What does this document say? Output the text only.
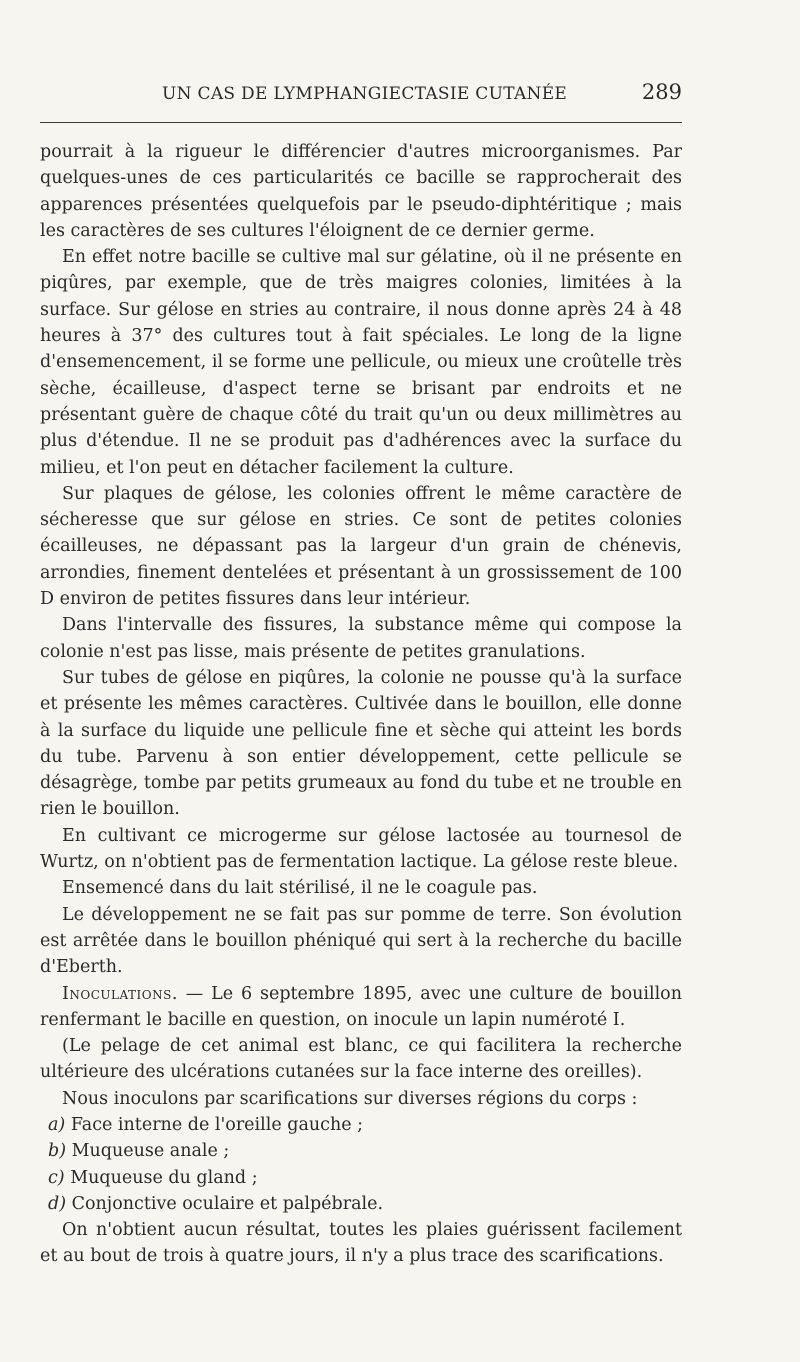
UN CAS DE LYMPHANGIECTASIE CUTANÉE	289

pourrait à la rigueur le différencier d'autres microorganismes. Par quelques-unes de ces particularités ce bacille se rapprocherait des apparences présentées quelquefois par le pseudo-diphtéritique ; mais les caractères de ses cultures l'éloignent de ce dernier germe.

En effet notre bacille se cultive mal sur gélatine, où il ne présente en piqûres, par exemple, que de très maigres colonies, limitées à la surface. Sur gélose en stries au contraire, il nous donne après 24 à 48 heures à 37° des cultures tout à fait spéciales. Le long de la ligne d'ensemencement, il se forme une pellicule, ou mieux une croûtelle très sèche, écailleuse, d'aspect terne se brisant par endroits et ne présentant guère de chaque côté du trait qu'un ou deux millimètres au plus d'étendue. Il ne se produit pas d'adhérences avec la surface du milieu, et l'on peut en détacher facilement la culture.

Sur plaques de gélose, les colonies offrent le même caractère de sécheresse que sur gélose en stries. Ce sont de petites colonies écailleuses, ne dépassant pas la largeur d'un grain de chénevis, arrondies, finement dentelées et présentant à un grossissement de 100 D environ de petites fissures dans leur intérieur.

Dans l'intervalle des fissures, la substance même qui compose la colonie n'est pas lisse, mais présente de petites granulations.

Sur tubes de gélose en piqûres, la colonie ne pousse qu'à la surface et présente les mêmes caractères. Cultivée dans le bouillon, elle donne à la surface du liquide une pellicule fine et sèche qui atteint les bords du tube. Parvenu à son entier développement, cette pellicule se désagrège, tombe par petits grumeaux au fond du tube et ne trouble en rien le bouillon.

En cultivant ce microgerme sur gélose lactosée au tournesol de Wurtz, on n'obtient pas de fermentation lactique. La gélose reste bleue.

Ensemencé dans du lait stérilisé, il ne le coagule pas.

Le développement ne se fait pas sur pomme de terre. Son évolution est arrêtée dans le bouillon phéniqué qui sert à la recherche du bacille d'Eberth.

Inoculations. — Le 6 septembre 1895, avec une culture de bouillon renfermant le bacille en question, on inocule un lapin numéroté I.

(Le pelage de cet animal est blanc, ce qui facilitera la recherche ultérieure des ulcérations cutanées sur la face interne des oreilles).

Nous inoculons par scarifications sur diverses régions du corps :

a) Face interne de l'oreille gauche ;

b) Muqueuse anale ;

c) Muqueuse du gland ;

d) Conjonctive oculaire et palpébrale.

On n'obtient aucun résultat, toutes les plaies guérissent facilement et au bout de trois à quatre jours, il n'y a plus trace des scarifications.
